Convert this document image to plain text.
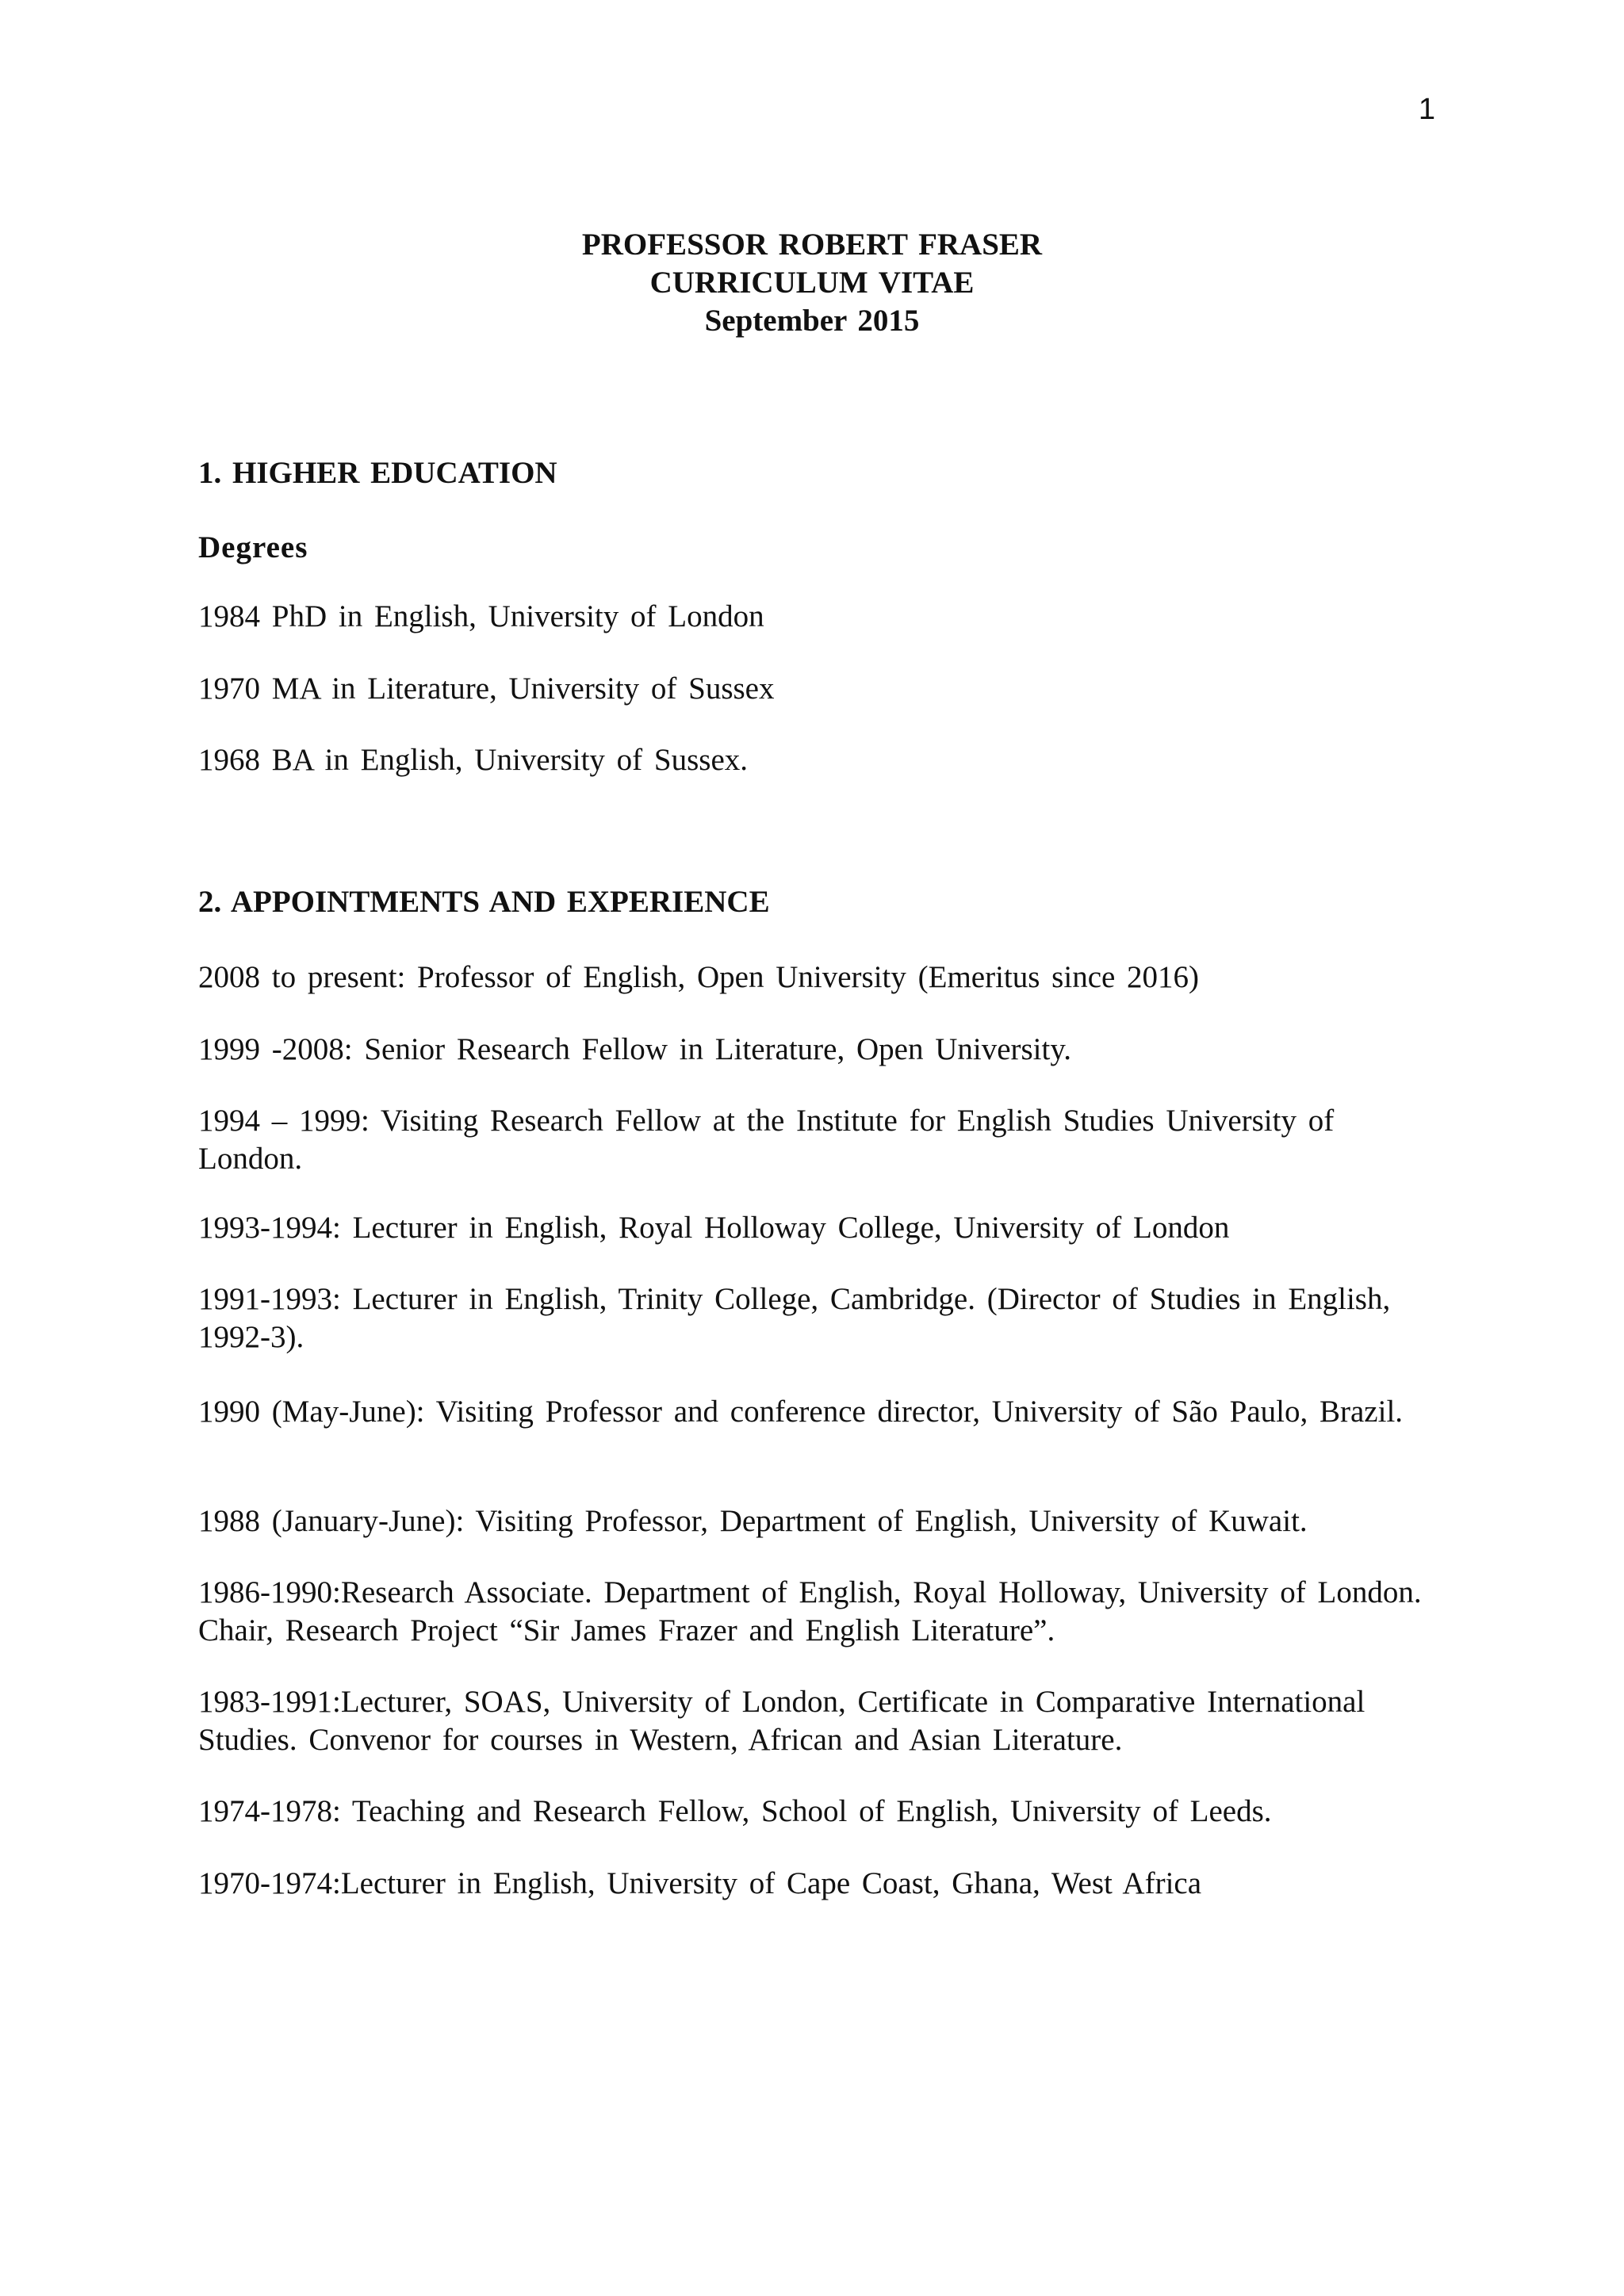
1
PROFESSOR ROBERT FRASER
CURRICULUM VITAE
September 2015
1. HIGHER EDUCATION
Degrees
1984 PhD in English, University of London
1970 MA in Literature, University of Sussex
1968 BA in English, University of Sussex.
2. APPOINTMENTS AND EXPERIENCE
2008 to present: Professor of English, Open University (Emeritus since 2016)
1999 -2008: Senior Research Fellow in Literature, Open University.
1994 – 1999: Visiting Research Fellow at the Institute for English Studies University of London.
1993-1994: Lecturer in English, Royal Holloway College, University of London
1991-1993: Lecturer in English, Trinity College, Cambridge. (Director of Studies in English, 1992-3).
1990 (May-June): Visiting Professor and conference director, University of São Paulo, Brazil.
1988 (January-June): Visiting Professor, Department of English, University of Kuwait.
1986-1990:Research Associate. Department of English, Royal Holloway, University of London. Chair, Research Project “Sir James Frazer and English Literature”.
1983-1991:Lecturer, SOAS, University of London, Certificate in Comparative International Studies. Convenor for courses in Western, African and Asian Literature.
1974-1978: Teaching and Research Fellow, School of English, University of Leeds.
1970-1974:Lecturer in English, University of Cape Coast, Ghana, West Africa
